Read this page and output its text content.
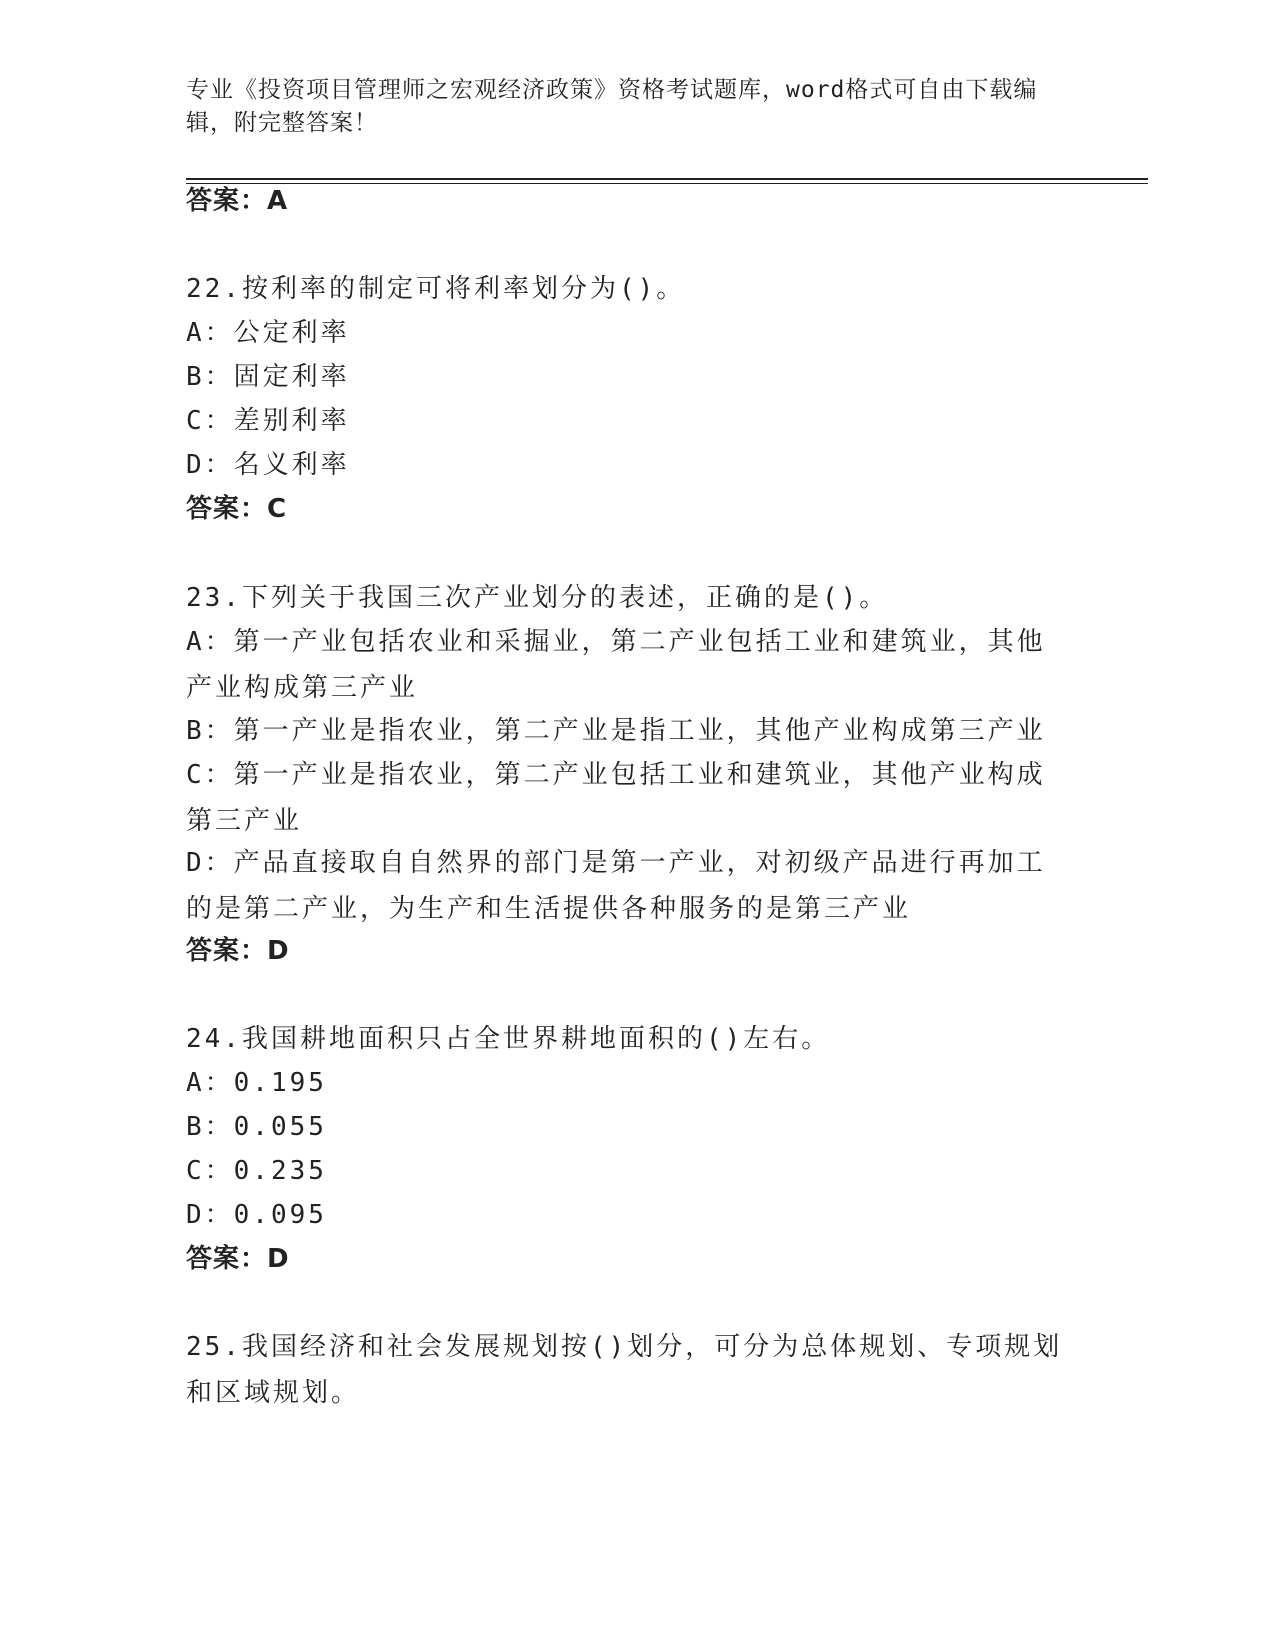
专业《投资项目管理师之宏观经济政策》资格考试题库，word格式可自由下载编辑，附完整答案！
答案：A
22.按利率的制定可将利率划分为()。
A：公定利率
B：固定利率
C：差别利率
D：名义利率
答案：C
23.下列关于我国三次产业划分的表述，正确的是()。
A：第一产业包括农业和采掘业，第二产业包括工业和建筑业，其他产业构成第三产业
B：第一产业是指农业，第二产业是指工业，其他产业构成第三产业
C：第一产业是指农业，第二产业包括工业和建筑业，其他产业构成第三产业
D：产品直接取自自然界的部门是第一产业，对初级产品进行再加工的是第二产业，为生产和生活提供各种服务的是第三产业
答案：D
24.我国耕地面积只占全世界耕地面积的()左右。
A：0.195
B：0.055
C：0.235
D：0.095
答案：D
25.我国经济和社会发展规划按()划分，可分为总体规划、专项规划和区域规划。
